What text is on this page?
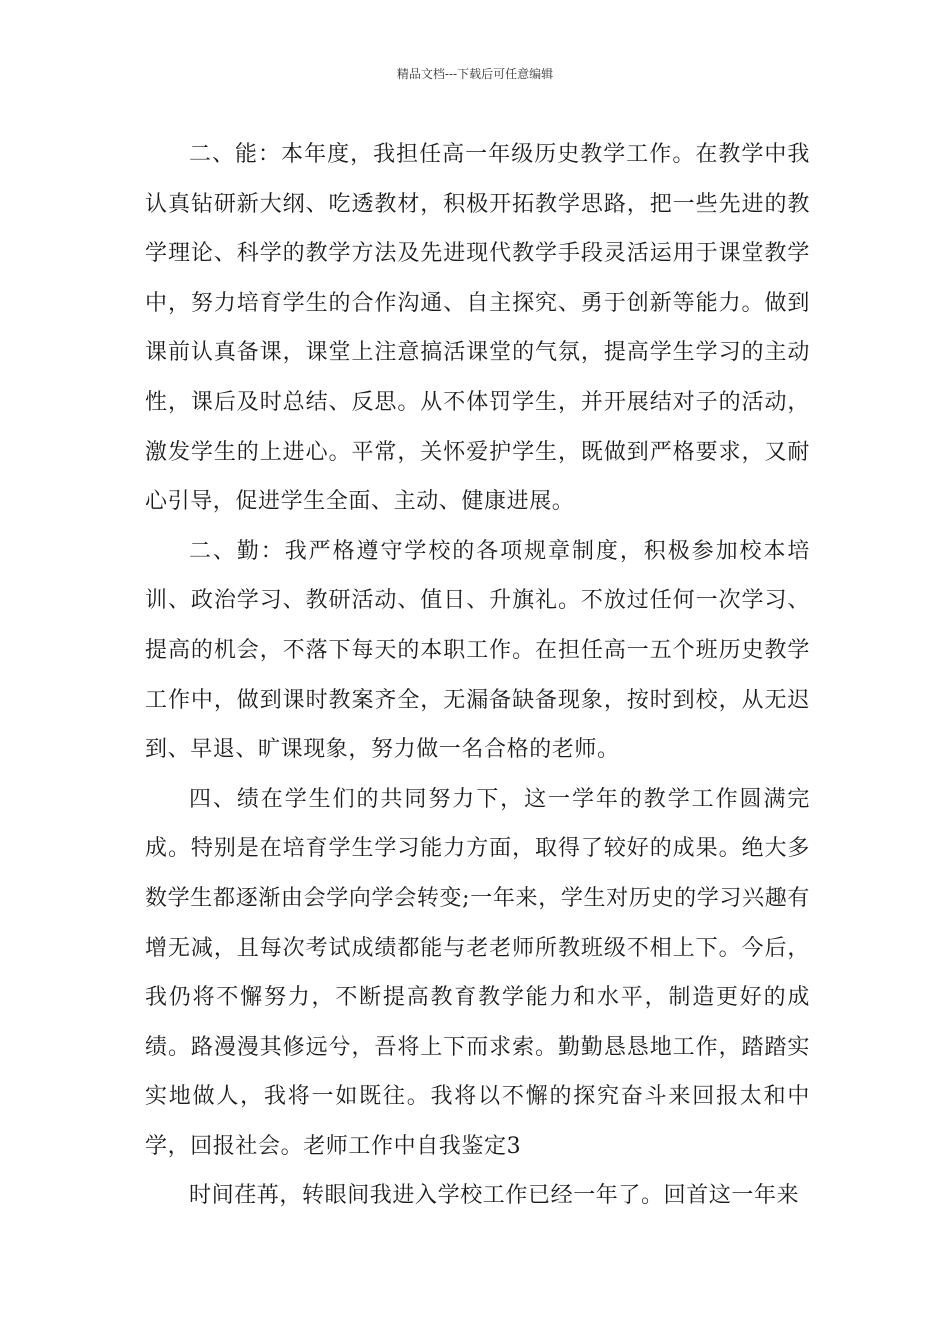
精品文档---下载后可任意编辑

二、能：本年度，我担任高一年级历史教学工作。在教学中我认真钻研新大纲、吃透教材，积极开拓教学思路，把一些先进的教学理论、科学的教学方法及先进现代教学手段灵活运用于课堂教学中，努力培育学生的合作沟通、自主探究、勇于创新等能力。做到课前认真备课，课堂上注意搞活课堂的气氛，提高学生学习的主动性，课后及时总结、反思。从不体罚学生，并开展结对子的活动，激发学生的上进心。平常，关怀爱护学生，既做到严格要求，又耐心引导，促进学生全面、主动、健康进展。

二、勤：我严格遵守学校的各项规章制度，积极参加校本培训、政治学习、教研活动、值日、升旗礼。不放过任何一次学习、提高的机会，不落下每天的本职工作。在担任高一五个班历史教学工作中，做到课时教案齐全，无漏备缺备现象，按时到校，从无迟到、早退、旷课现象，努力做一名合格的老师。

四、绩在学生们的共同努力下，这一学年的教学工作圆满完成。特别是在培育学生学习能力方面，取得了较好的成果。绝大多数学生都逐渐由会学向学会转变;一年来，学生对历史的学习兴趣有增无减，且每次考试成绩都能与老老师所教班级不相上下。今后，我仍将不懈努力，不断提高教育教学能力和水平，制造更好的成绩。路漫漫其修远兮，吾将上下而求索。勤勤恳恳地工作，踏踏实实地做人，我将一如既往。我将以不懈的探究奋斗来回报太和中学，回报社会。老师工作中自我鉴定3

时间荏苒，转眼间我进入学校工作已经一年了。回首这一年来
